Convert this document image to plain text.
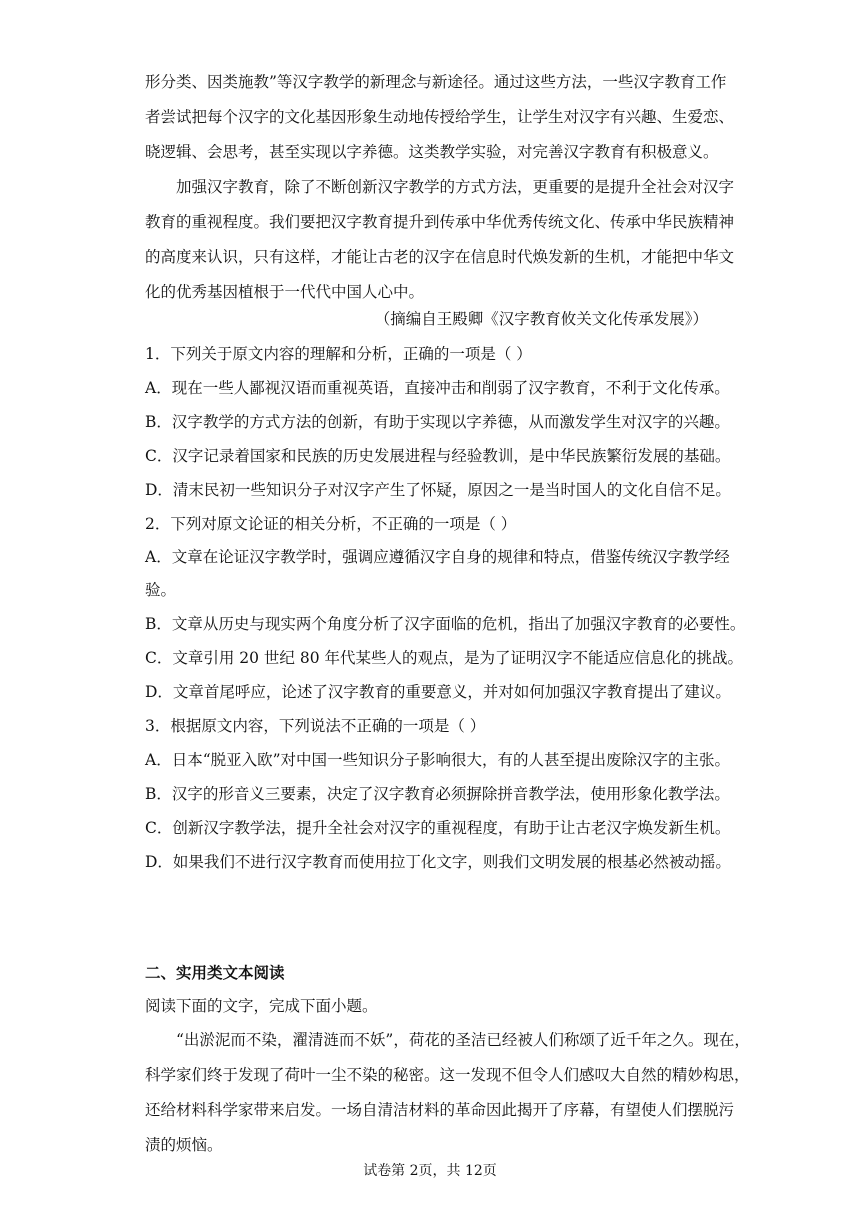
形分类、因类施教”等汉字教学的新理念与新途径。通过这些方法，一些汉字教育工作
者尝试把每个汉字的文化基因形象生动地传授给学生，让学生对汉字有兴趣、生爱恋、
晓逻辑、会思考，甚至实现以字养德。这类教学实验，对完善汉字教育有积极意义。
加强汉字教育，除了不断创新汉字教学的方式方法，更重要的是提升全社会对汉字
教育的重视程度。我们要把汉字教育提升到传承中华优秀传统文化、传承中华民族精神
的高度来认识，只有这样，才能让古老的汉字在信息时代焕发新的生机，才能把中华文
化的优秀基因植根于一代代中国人心中。
（摘编自王殿卿《汉字教育攸关文化传承发展》）
1．下列关于原文内容的理解和分析，正确的一项是（ ）
A．现在一些人鄙视汉语而重视英语，直接冲击和削弱了汉字教育，不利于文化传承。
B．汉字教学的方式方法的创新，有助于实现以字养德，从而激发学生对汉字的兴趣。
C．汉字记录着国家和民族的历史发展进程与经验教训，是中华民族繁衍发展的基础。
D．清末民初一些知识分子对汉字产生了怀疑，原因之一是当时国人的文化自信不足。
2．下列对原文论证的相关分析，不正确的一项是（ ）
A．文章在论证汉字教学时，强调应遵循汉字自身的规律和特点，借鉴传统汉字教学经
验。
B．文章从历史与现实两个角度分析了汉字面临的危机，指出了加强汉字教育的必要性。
C．文章引用 20 世纪 80 年代某些人的观点，是为了证明汉字不能适应信息化的挑战。
D．文章首尾呼应，论述了汉字教育的重要意义，并对如何加强汉字教育提出了建议。
3．根据原文内容，下列说法不正确的一项是（ ）
A．日本“脱亚入欧”对中国一些知识分子影响很大，有的人甚至提出废除汉字的主张。
B．汉字的形音义三要素，决定了汉字教育必须摒除拼音教学法，使用形象化教学法。
C．创新汉字教学法，提升全社会对汉字的重视程度，有助于让古老汉字焕发新生机。
D．如果我们不进行汉字教育而使用拉丁化文字，则我们文明发展的根基必然被动摇。
二、实用类文本阅读
阅读下面的文字，完成下面小题。
“出淤泥而不染，濯清涟而不妖”，荷花的圣洁已经被人们称颂了近千年之久。现在，
科学家们终于发现了荷叶一尘不染的秘密。这一发现不但令人们感叹大自然的精妙构思，
还给材料科学家带来启发。一场自清洁材料的革命因此揭开了序幕，有望使人们摆脱污
渍的烦恼。
试卷第 2页，共 12页
